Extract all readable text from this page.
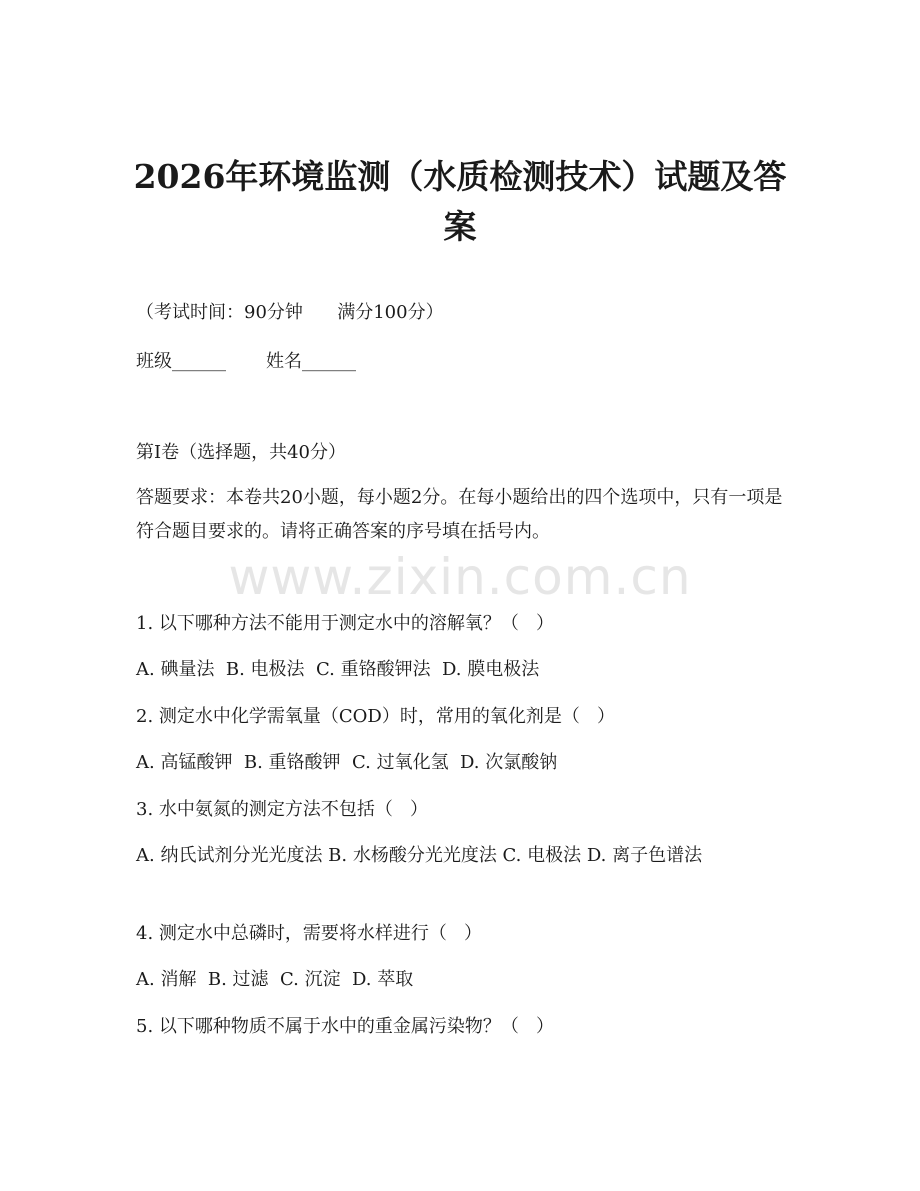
2026年环境监测（水质检测技术）试题及答案
（考试时间：90分钟      满分100分）
班级______       姓名______
第I卷（选择题，共40分）
答题要求：本卷共20小题，每小题2分。在每小题给出的四个选项中，只有一项是符合题目要求的。请将正确答案的序号填在括号内。
www.zixin.com.cn
1. 以下哪种方法不能用于测定水中的溶解氧？（   ）
A. 碘量法  B. 电极法  C. 重铬酸钾法  D. 膜电极法
2. 测定水中化学需氧量（COD）时，常用的氧化剂是（   ）
A. 高锰酸钾  B. 重铬酸钾  C. 过氧化氢  D. 次氯酸钠
3. 水中氨氮的测定方法不包括（   ）
A. 纳氏试剂分光光度法 B. 水杨酸分光光度法 C. 电极法 D. 离子色谱法
4. 测定水中总磷时，需要将水样进行（   ）
A. 消解  B. 过滤  C. 沉淀  D. 萃取
5. 以下哪种物质不属于水中的重金属污染物？（   ）
